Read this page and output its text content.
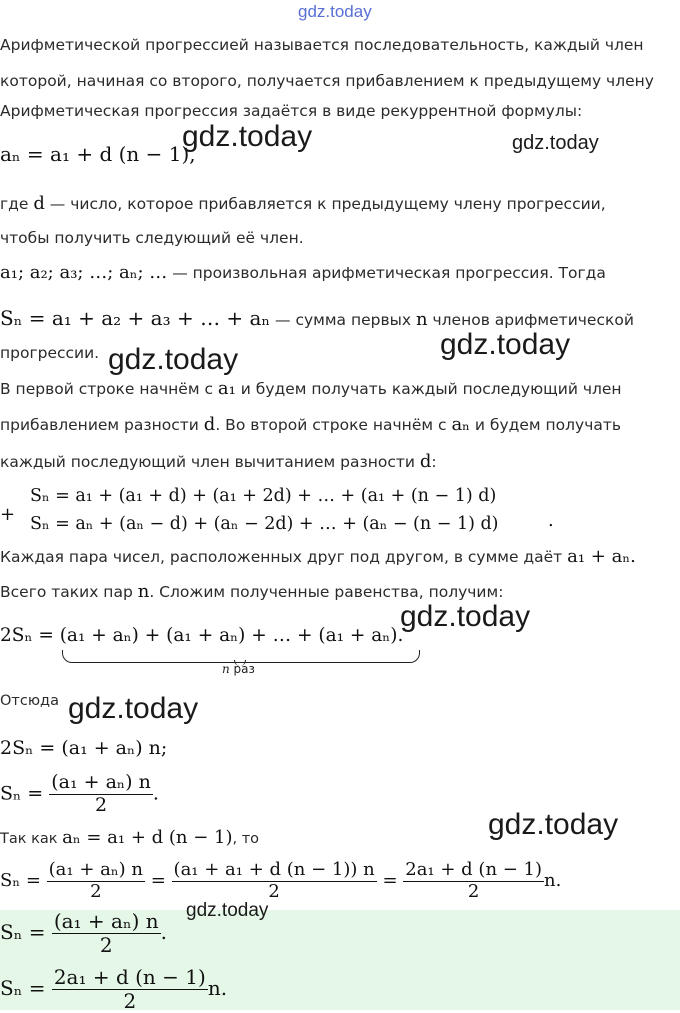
gdz.today
Арифметической прогрессией называется последовательность, каждый член
которой, начиная со второго, получается прибавлением к предыдущему члену
Арифметическая прогрессия задаётся в виде рекуррентной формулы:
aₙ = a₁ + d (n − 1),
где d — число, которое прибавляется к предыдущему члену прогрессии,
чтобы получить следующий её член.
a₁; a₂; a₃; …; aₙ; … — произвольная арифметическая прогрессия. Тогда
Sₙ = a₁ + a₂ + a₃ + … + aₙ — сумма первых n членов арифметической
прогрессии.
В первой строке начнём с a₁ и будем получать каждый последующий член
прибавлением разности d. Во второй строке начнём с aₙ и будем получать
каждый последующий член вычитанием разности d:
+
Sₙ = a₁ + (a₁ + d) + (a₁ + 2d) + … + (a₁ + (n − 1) d)
Sₙ = aₙ + (aₙ − d) + (aₙ − 2d) + … + (aₙ − (n − 1) d)	.
Каждая пара чисел, расположенных друг под другом, в сумме даёт a₁ + aₙ.
Всего таких пар n. Сложим полученные равенства, получим:
2Sₙ = (a₁ + aₙ) + (a₁ + aₙ) + … + (a₁ + aₙ).
n раз
Отсюда
2Sₙ = (a₁ + aₙ) n;
$S_n = \frac{\text{(a₁ + aₙ) n}}{2}$ .
Так как aₙ = a₁ + d (n − 1), то
$S_n = \frac{\text{(a₁ + aₙ) n}}{2} = \frac{\text{(a₁ + a₁ + d (n − 1)) n}}{2} = \frac{\text{2a₁ + d (n − 1)}}{2} n$.
$S_n = \frac{\text{(a₁ + aₙ) n}}{2}$ .
$S_n = \frac{\text{2a₁ + d (n − 1)}}{2} n$.
gdz.today	gdz.today
gdz.today	gdz.today
gdz.today
gdz.today
gdz.today
gdz.today
